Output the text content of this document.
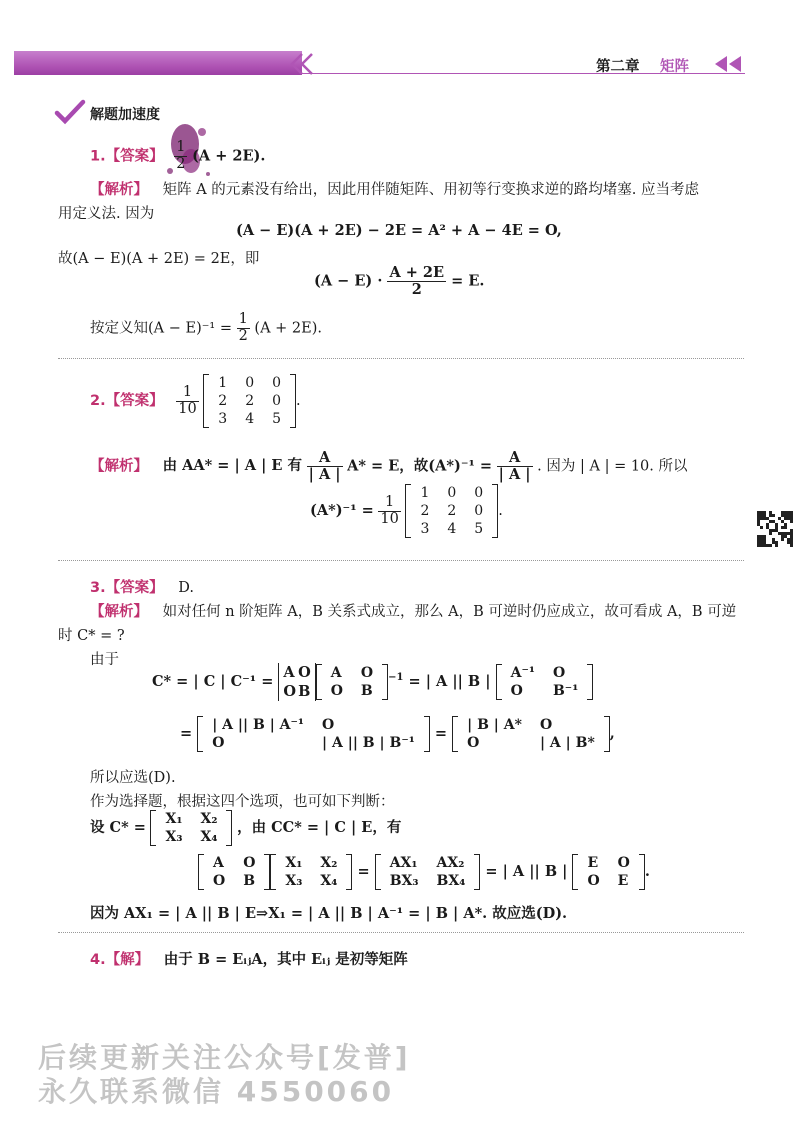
第二章 矩阵
解题加速度
1.【答案】 $\frac{1}{2} (A + 2E)$.
【解析】 矩阵 A 的元素没有给出，因此用伴随矩阵、用初等行变换求逆的路均堵塞. 应当考虑
用定义法. 因为
(A − E)(A + 2E) − 2E = A² + A − 4E = O,
故(A − E)(A + 2E) = 2E，即
$(A - E) \cdot \frac{A + 2E}{2} = E$.
按定义知$(A - E)^{-1} = \frac{1}{2} (A + 2E)$.
2.【答案】 $\frac{1}{10}$

1	0	0
2	2	0
3	4	5
.
【解析】 由 AA* = | A | E 有 $\frac{A}{| A |} A* = E$，故$(A*)^{-1} = \frac{A}{| A |}$ . 因为 | A | = 10. 所以
$(A*)^{-1} = \frac{1}{10}$

1	0	0
2	2	0
3	4	5
.
3.【答案】 D.
【解析】 如对任何 n 阶矩阵 A，B 关系式成立，那么 A，B 可逆时仍应成立，故可看成 A，B 可逆
时 C* = ?
由于
C* = | C | C⁻¹ =
A	O
O	B
A	O
O	B
$^{-1}$ = | A || B | A⁻¹	O
O	B⁻¹
= | A || B | A⁻¹	O
O	| A || B | B⁻¹
= | B | A*	O
O	| A | B*
,
所以应选(D).
作为选择题，根据这四个选项，也可如下判断：
设 C* = X₁	X₂
X₃	X₄
，由 CC* = | C | E，有
A	O
O	B
X₁	X₂
X₃	X₄
= AX₁	AX₂
BX₃	BX₄
= | A || B | E	O
O	E
.
因为 AX₁ = | A || B | E⇒X₁ = | A || B | A⁻¹ = | B | A*. 故应选(D).
4.【解】 由于 B = EᵢⱼA，其中 Eᵢⱼ 是初等矩阵
后续更新关注公众号[发普]
永久联系微信 4550060
